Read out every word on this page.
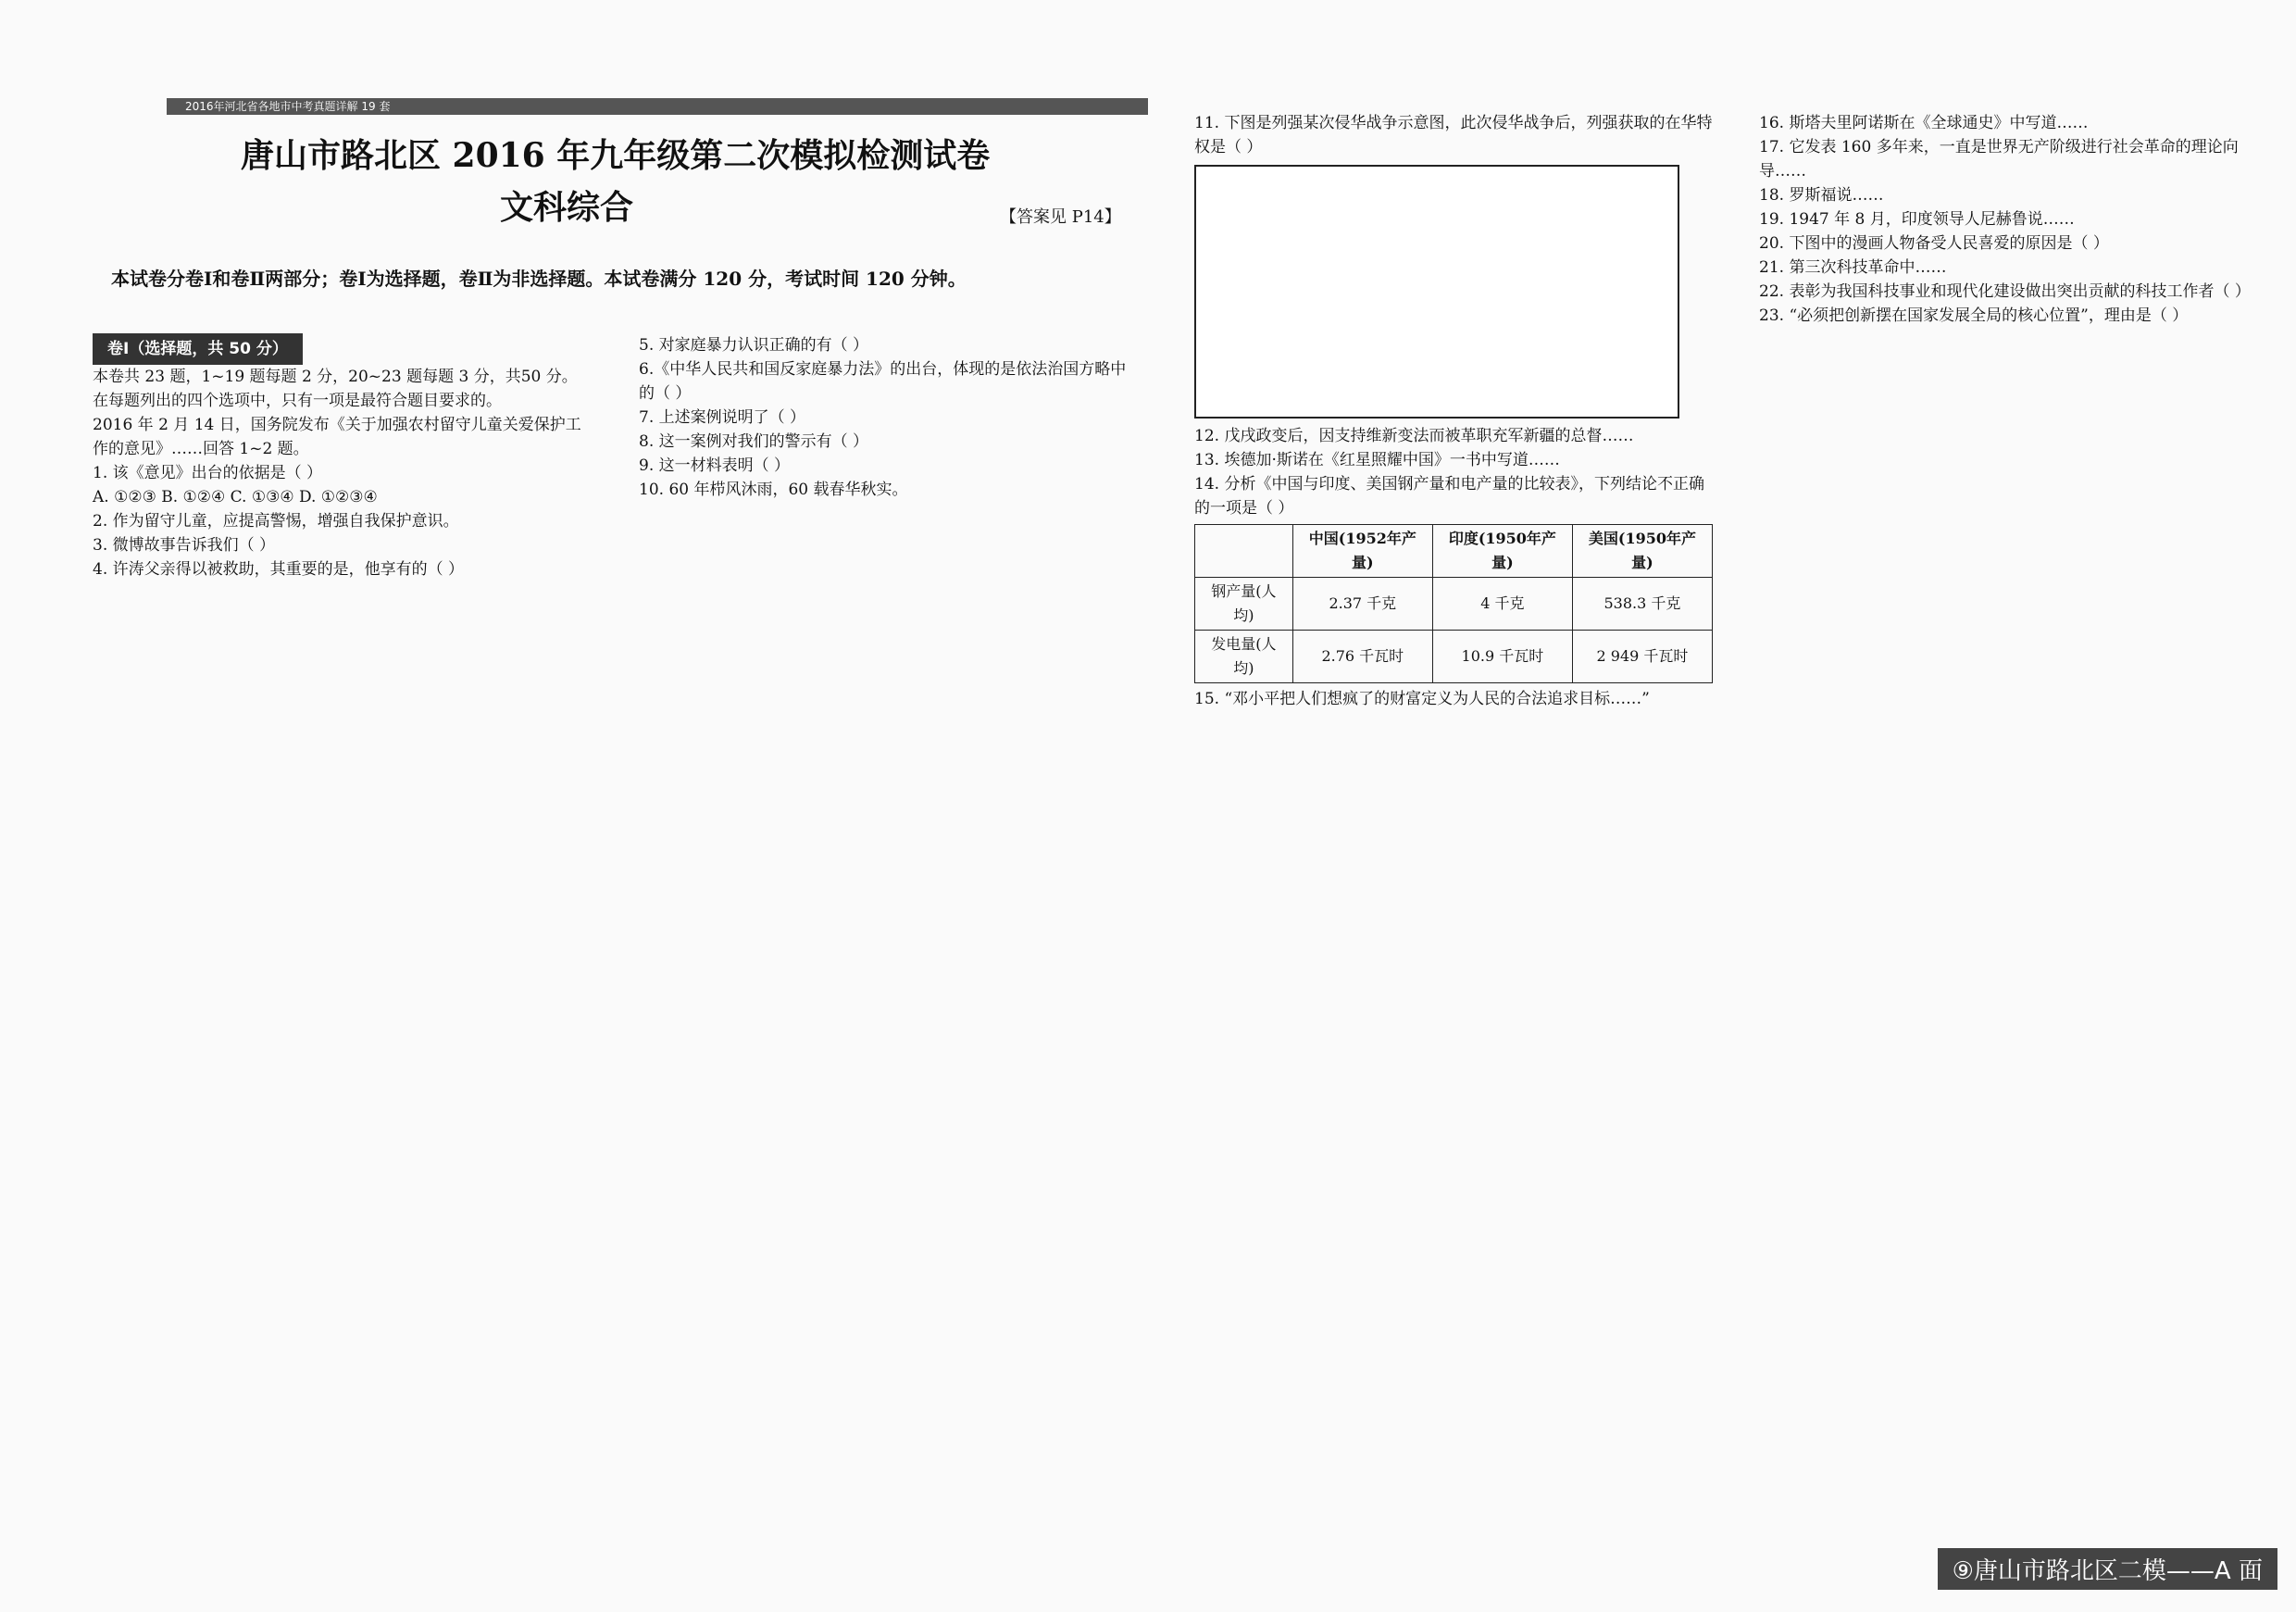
2016年河北省各地市中考真题详解 19 套
唐山市路北区 2016 年九年级第二次模拟检测试卷
文科综合	【答案见 P14】
本试卷分卷Ⅰ和卷Ⅱ两部分；卷Ⅰ为选择题，卷Ⅱ为非选择题。本试卷满分 120 分，考试时间 120 分钟。
卷Ⅰ（选择题，共 50 分）

本卷共 23 题，1~19 题每题 2 分，20~23 题每题 3 分，共50 分。在每题列出的四个选项中，只有一项是最符合题目要求的。

2016 年 2 月 14 日，国务院发布《关于加强农村留守儿童关爱保护工作的意见》……回答 1~2 题。

1. 该《意见》出台的依据是（ ）

A. ①②③ B. ①②④ C. ①③④ D. ①②③④

2. 作为留守儿童，应提高警惕，增强自我保护意识。

3. 微博故事告诉我们（ ）

4. 许涛父亲得以被救助，其重要的是，他享有的（ ）

5. 对家庭暴力认识正确的有（ ）

6.《中华人民共和国反家庭暴力法》的出台，体现的是依法治国方略中的（ ）

7. 上述案例说明了（ ）

8. 这一案例对我们的警示有（ ）

9. 这一材料表明（ ）

10. 60 年栉风沐雨，60 载春华秋实。

11. 下图是列强某次侵华战争示意图，此次侵华战争后，列强获取的在华特权是（ ）

12. 戊戌政变后，因支持维新变法而被革职充军新疆的总督……

13. 埃德加·斯诺在《红星照耀中国》一书中写道……

14. 分析《中国与印度、美国钢产量和电产量的比较表》，下列结论不正确的一项是（ ）

	中国(1952年产量)	印度(1950年产量)	美国(1950年产量)
钢产量(人均)	2.37 千克	4 千克	538.3 千克
发电量(人均)	2.76 千瓦时	10.9 千瓦时	2 949 千瓦时

15. “邓小平把人们想疯了的财富定义为人民的合法追求目标……”

16. 斯塔夫里阿诺斯在《全球通史》中写道……

17. 它发表 160 多年来，一直是世界无产阶级进行社会革命的理论向导……

18. 罗斯福说……

19. 1947 年 8 月，印度领导人尼赫鲁说……

20. 下图中的漫画人物备受人民喜爱的原因是（ ）

21. 第三次科技革命中……

22. 表彰为我国科技事业和现代化建设做出突出贡献的科技工作者（ ）

23. “必须把创新摆在国家发展全局的核心位置”，理由是（ ）

⑨唐山市路北区二模——A 面
